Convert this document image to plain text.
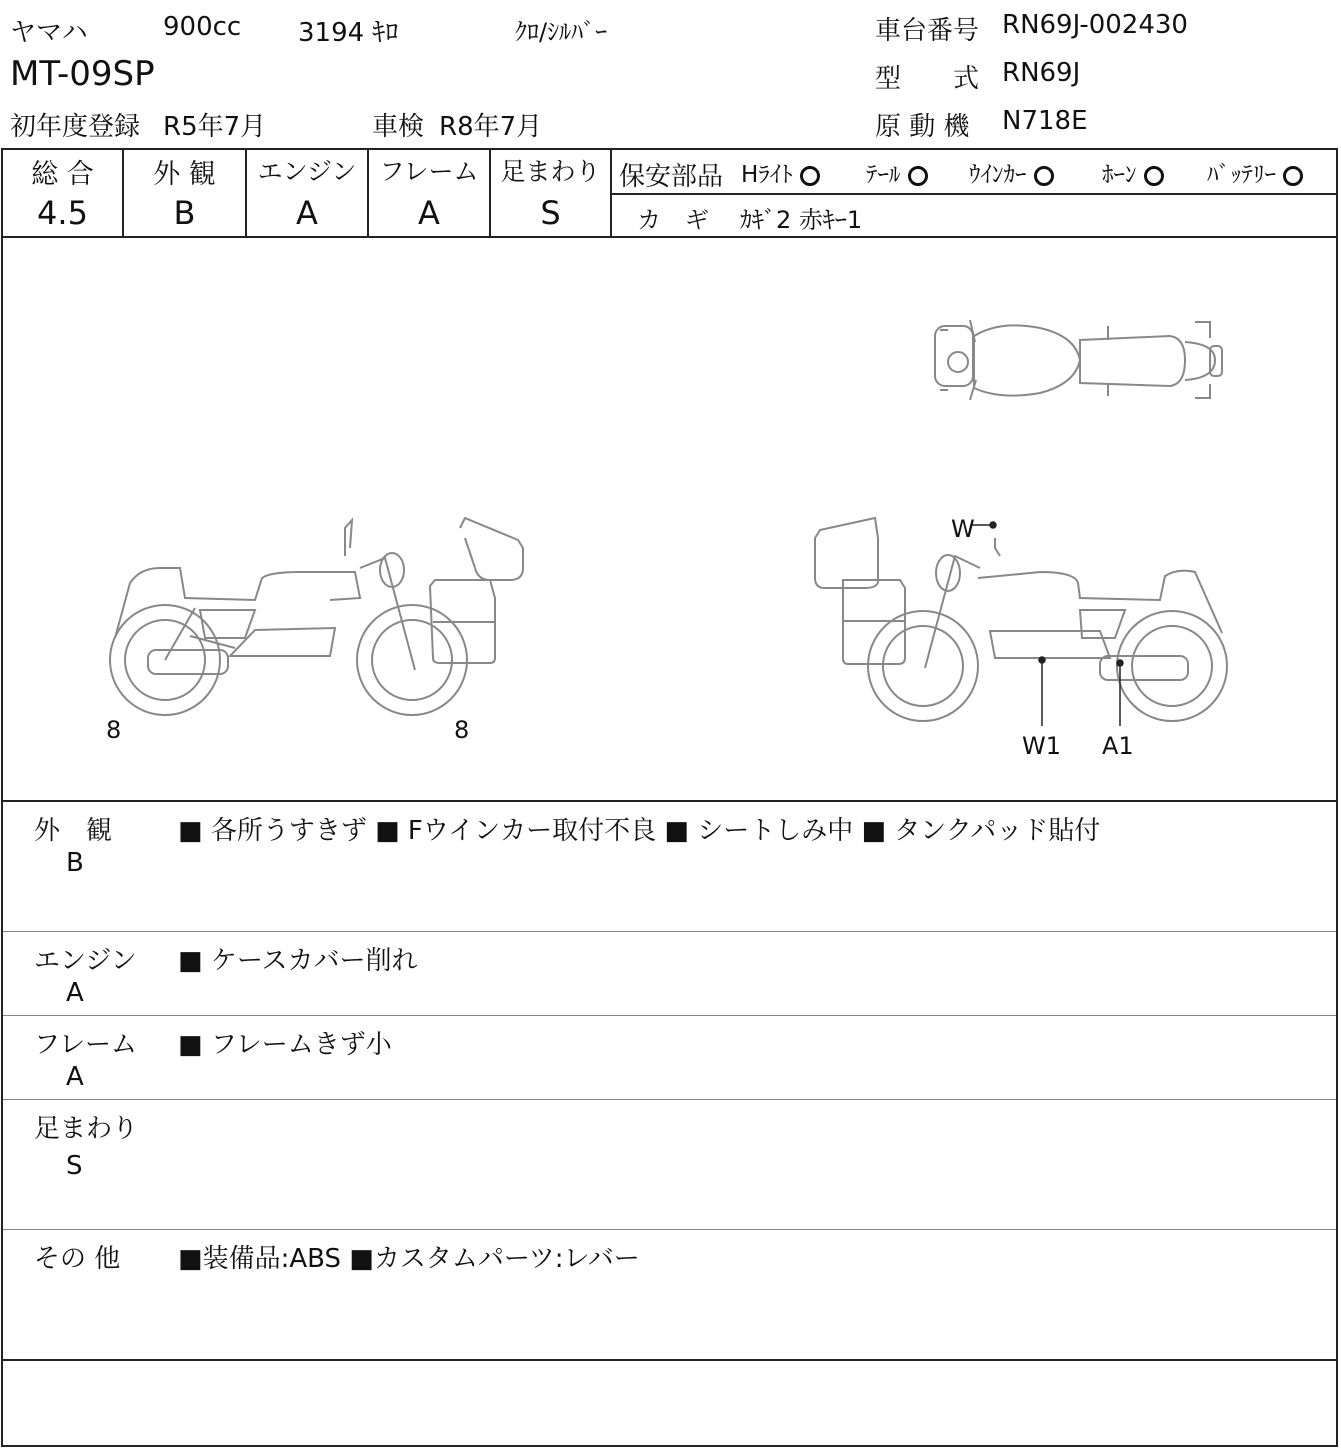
ヤマハ	900cc 3194 ｷﾛ	ｸﾛ/ｼﾙﾊﾞｰ
MT-09SP
初年度登録 R5年7月	車検 R8年7月
車台番号 RN69J-002430
型　　式 RN69J
原 動 機 N718E
総 合
4.5
外 観
B
エンジン
A
フレーム
A
足まわり
S
保安部品 Hﾗｲﾄ	ﾃｰﾙ	ｳｲﾝｶｰ	ﾎｰﾝ	ﾊﾞｯﾃﾘｰ
カ　ギ ｶｷﾞ2 赤ｷｰ1
8	8
W
W1 A1
外　観
B
■ 各所うすきず ■ Fウインカー取付不良 ■ シートしみ中 ■ タンクパッド貼付
エンジン
A
■ ケースカバー削れ
フレーム
A
■ フレームきず小
足まわり
S
その 他 ■装備品:ABS ■カスタムパーツ:レバー
